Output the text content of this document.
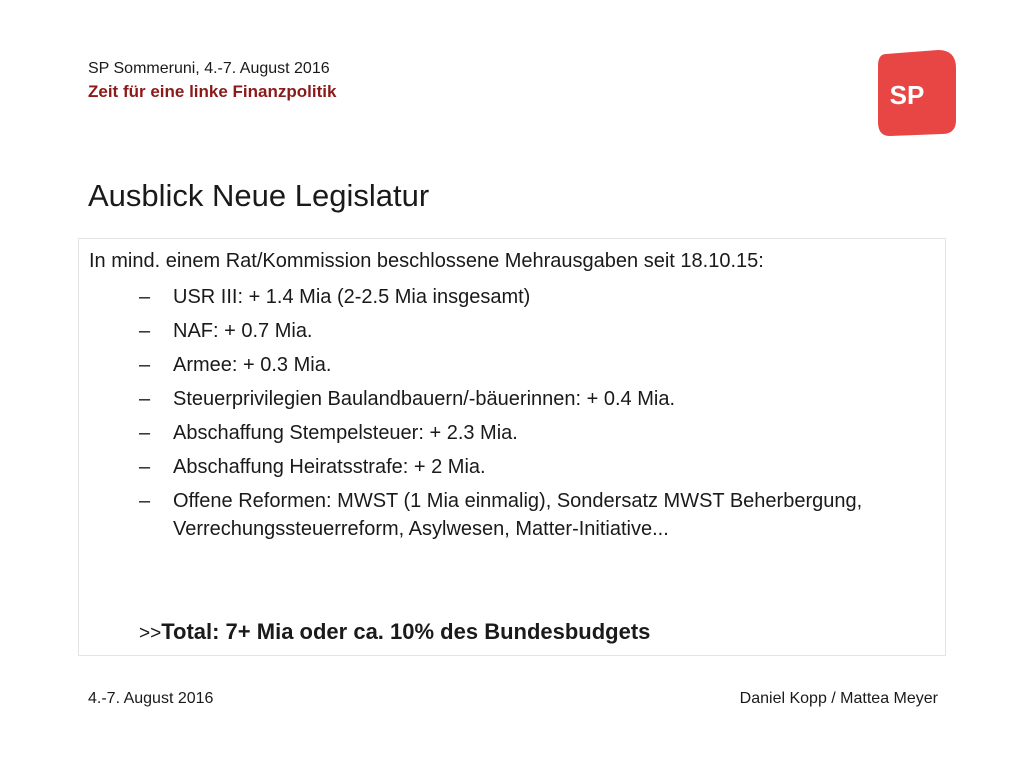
SP Sommeruni, 4.-7. August 2016
Zeit für eine linke Finanzpolitik	SP
Ausblick Neue Legislatur
In mind. einem Rat/Kommission beschlossene Mehrausgaben seit 18.10.15:
– USR III: + 1.4 Mia (2-2.5 Mia insgesamt)
– NAF: + 0.7 Mia.
– Armee: + 0.3 Mia.
– Steuerprivilegien Baulandbauern/-bäuerinnen: + 0.4 Mia.
– Abschaffung Stempelsteuer: + 2.3 Mia.
– Abschaffung Heiratsstrafe: + 2 Mia.
– Offene Reformen: MWST (1 Mia einmalig), Sondersatz MWST Beherbergung, Verrechungssteuerreform, Asylwesen, Matter-Initiative...
>>Total: 7+ Mia oder ca. 10% des Bundesbudgets
4.-7. August 2016	Daniel Kopp / Mattea Meyer
